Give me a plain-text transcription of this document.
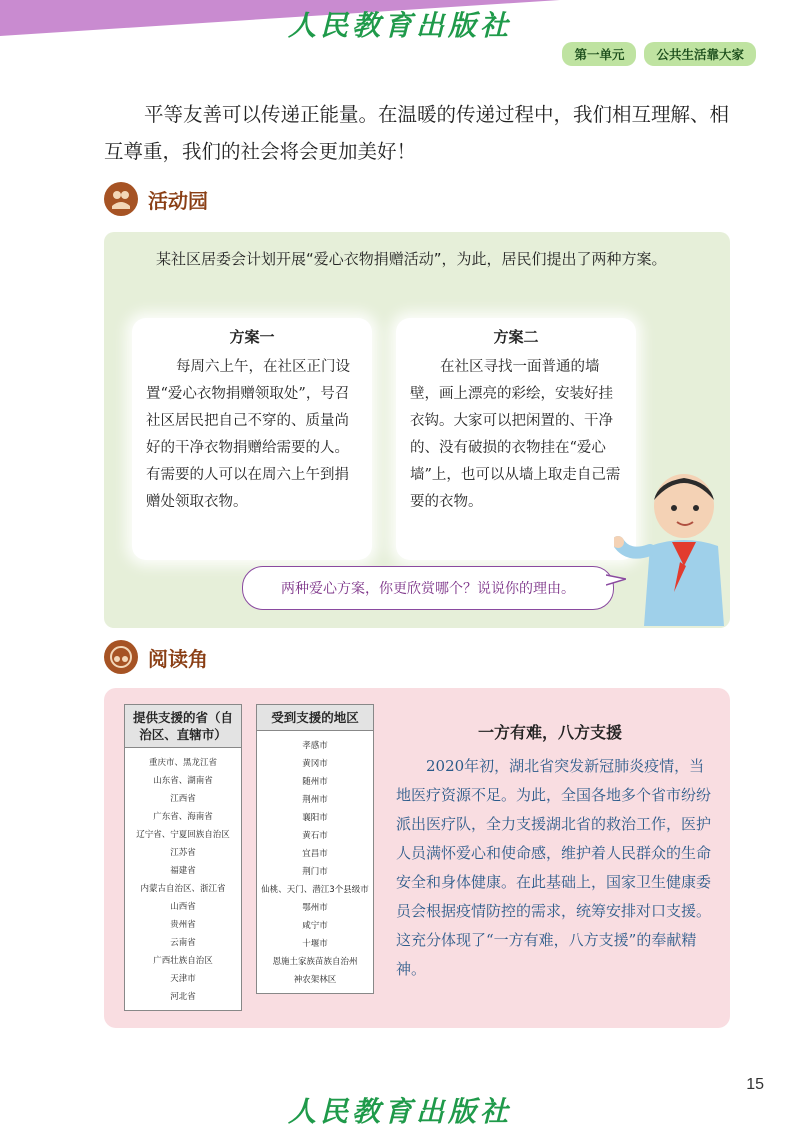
人民教育出版社
第一单元	公共生活靠大家
平等友善可以传递正能量。在温暖的传递过程中，我们相互理解、相互尊重，我们的社会将会更加美好！
活动园
某社区居委会计划开展“爱心衣物捐赠活动”，为此，居民们提出了两种方案。
方案一
每周六上午，在社区正门设置“爱心衣物捐赠领取处”，号召社区居民把自己不穿的、质量尚好的干净衣物捐赠给需要的人。有需要的人可以在周六上午到捐赠处领取衣物。
方案二
在社区寻找一面普通的墙壁，画上漂亮的彩绘，安装好挂衣钩。大家可以把闲置的、干净的、没有破损的衣物挂在“爱心墙”上，也可以从墙上取走自己需要的衣物。
两种爱心方案，你更欣赏哪个？说说你的理由。
阅读角
提供支援的省（自治区、直辖市）
重庆市、黑龙江省
山东省、湖南省
江西省
广东省、海南省
辽宁省、宁夏回族自治区
江苏省
福建省
内蒙古自治区、浙江省
山西省
贵州省
云南省
广西壮族自治区
天津市
河北省
受到支援的地区
孝感市
黄冈市
随州市
荆州市
襄阳市
黄石市
宜昌市
荆门市
仙桃、天门、潜江3个县级市
鄂州市
咸宁市
十堰市
恩施土家族苗族自治州
神农架林区
一方有难，八方支援
2020年初，湖北省突发新冠肺炎疫情，当地医疗资源不足。为此，全国各地多个省市纷纷派出医疗队，全力支援湖北省的救治工作，医护人员满怀爱心和使命感，维护着人民群众的生命安全和身体健康。在此基础上，国家卫生健康委员会根据疫情防控的需求，统筹安排对口支援。这充分体现了“一方有难，八方支援”的奉献精神。
15
人民教育出版社
